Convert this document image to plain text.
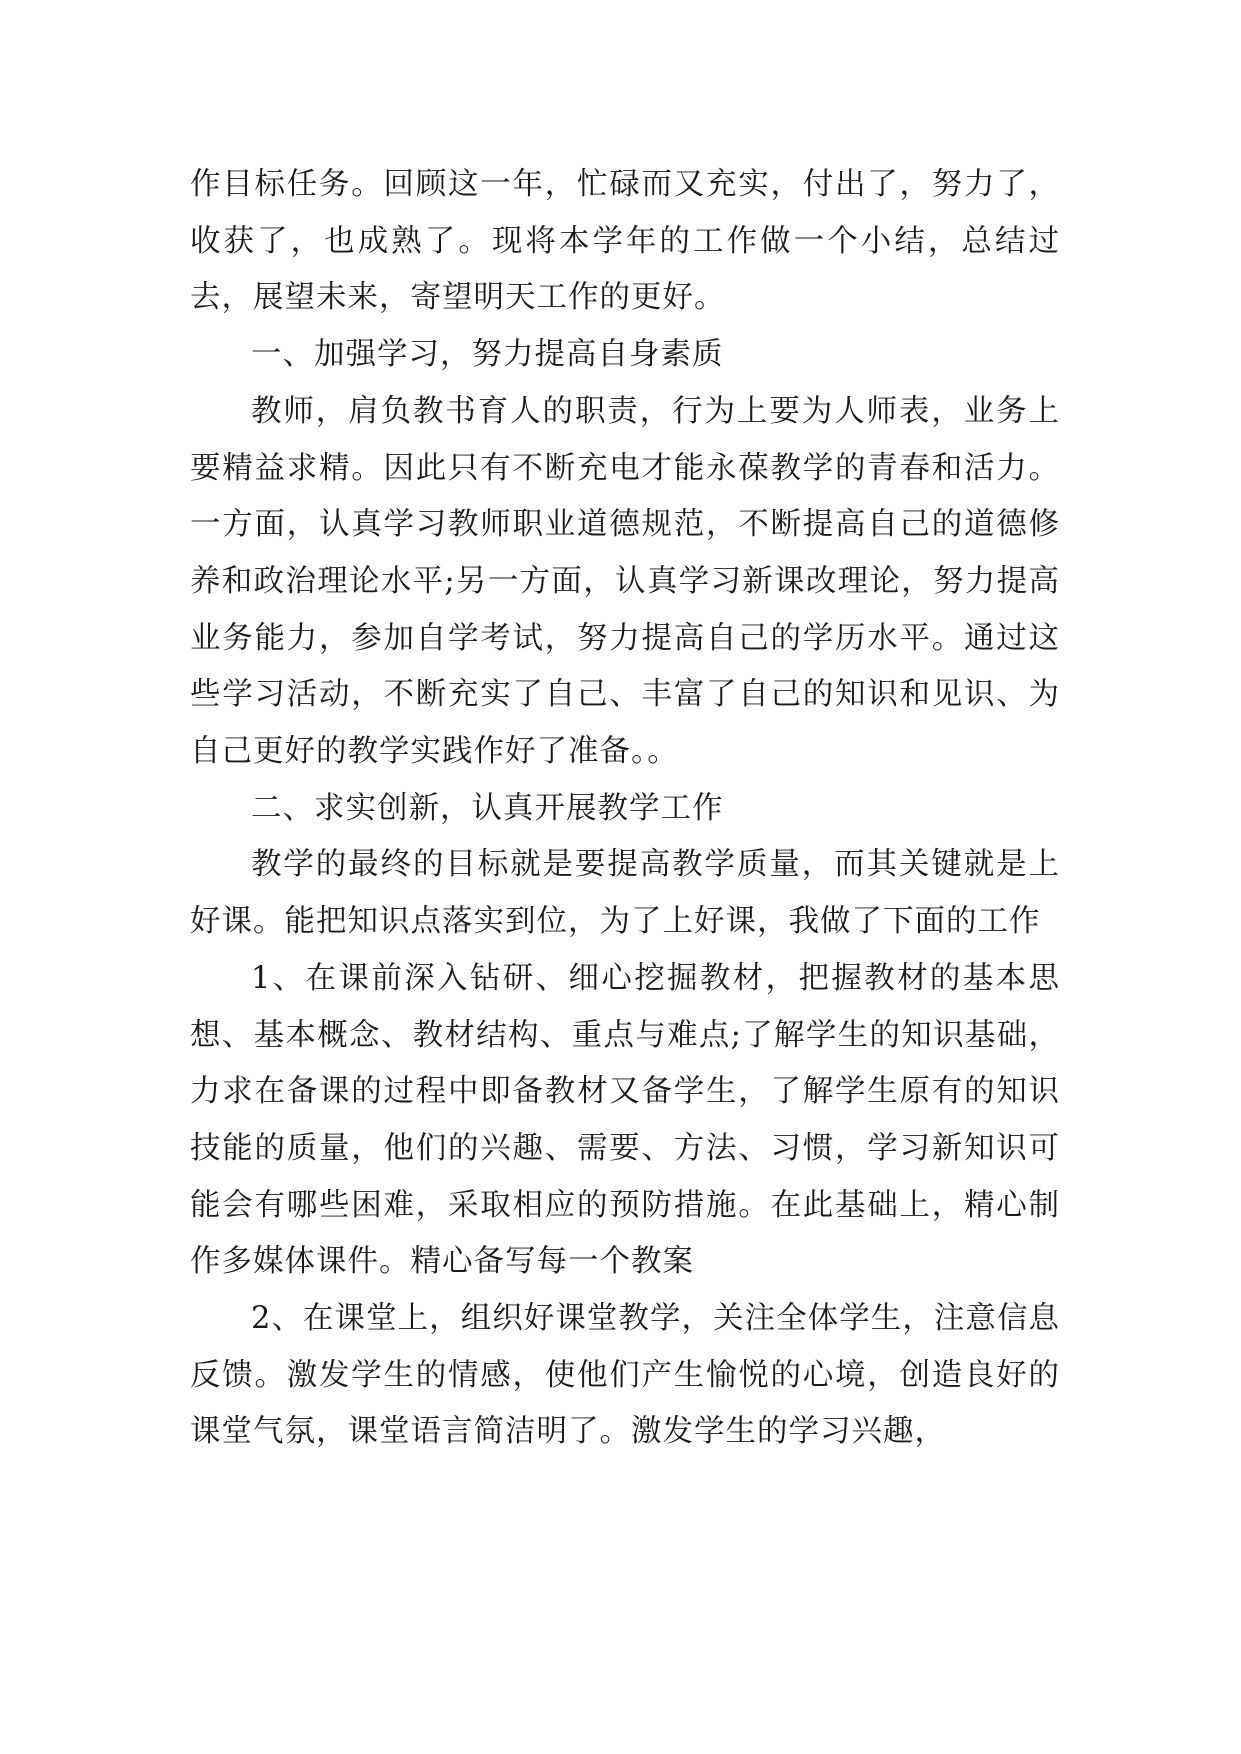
作目标任务。回顾这一年，忙碌而又充实，付出了，努力了，收获了，也成熟了。现将本学年的工作做一个小结，总结过去，展望未来，寄望明天工作的更好。

一、加强学习，努力提高自身素质

教师，肩负教书育人的职责，行为上要为人师表，业务上要精益求精。因此只有不断充电才能永葆教学的青春和活力。一方面，认真学习教师职业道德规范，不断提高自己的道德修养和政治理论水平;另一方面，认真学习新课改理论，努力提高业务能力，参加自学考试，努力提高自己的学历水平。通过这些学习活动，不断充实了自己、丰富了自己的知识和见识、为自己更好的教学实践作好了准备。。

二、求实创新，认真开展教学工作

教学的最终的目标就是要提高教学质量，而其关键就是上好课。能把知识点落实到位，为了上好课，我做了下面的工作

1、在课前深入钻研、细心挖掘教材，把握教材的基本思想、基本概念、教材结构、重点与难点;了解学生的知识基础，力求在备课的过程中即备教材又备学生，了解学生原有的知识技能的质量，他们的兴趣、需要、方法、习惯，学习新知识可能会有哪些困难，采取相应的预防措施。在此基础上，精心制作多媒体课件。精心备写每一个教案

2、在课堂上，组织好课堂教学，关注全体学生，注意信息反馈。激发学生的情感，使他们产生愉悦的心境，创造良好的课堂气氛，课堂语言简洁明了。激发学生的学习兴趣，
